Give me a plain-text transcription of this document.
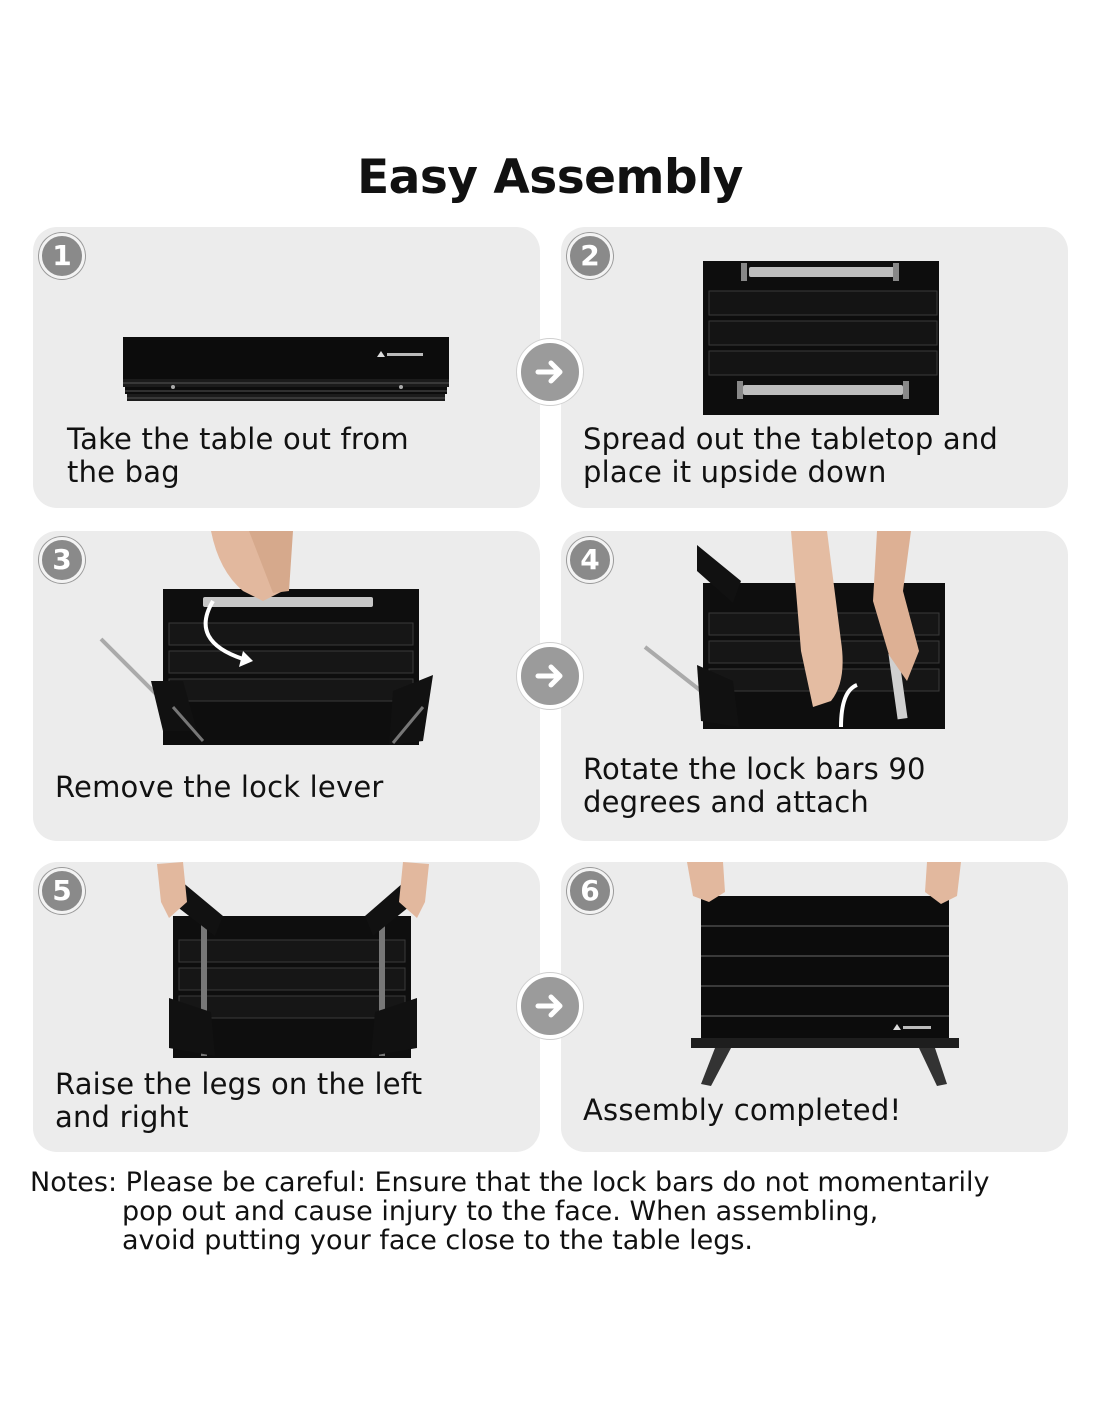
Easy Assembly
1
Take the table out from
the bag
2
Spread out the tabletop and
place it upside down
3
Remove the lock lever
4
Rotate the lock bars 90
degrees and attach
5
Raise the legs on the left
and right
6
Assembly completed!
Notes: Please be careful: Ensure that the lock bars do not momentarily
pop out and cause injury to the face. When assembling,
avoid putting your face close to the table legs.
